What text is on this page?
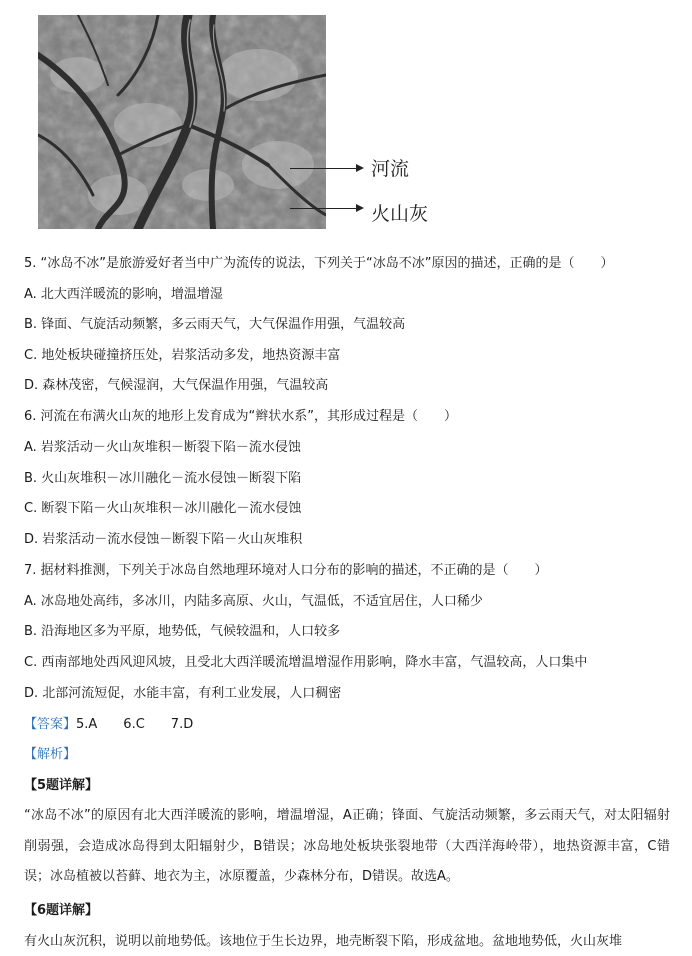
河流
火山灰
5. “冰岛不冰”是旅游爱好者当中广为流传的说法，下列关于“冰岛不冰”原因的描述，正确的是（　　）
A. 北大西洋暖流的影响，增温增湿
B. 锋面、气旋活动频繁，多云雨天气，大气保温作用强，气温较高
C. 地处板块碰撞挤压处，岩浆活动多发，地热资源丰富
D. 森林茂密，气候湿润，大气保温作用强，气温较高
6. 河流在布满火山灰的地形上发育成为“辫状水系”，其形成过程是（　　）
A. 岩浆活动－火山灰堆积－断裂下陷－流水侵蚀
B. 火山灰堆积－冰川融化－流水侵蚀－断裂下陷
C. 断裂下陷－火山灰堆积－冰川融化－流水侵蚀
D. 岩浆活动－流水侵蚀－断裂下陷－火山灰堆积
7. 据材料推测，下列关于冰岛自然地理环境对人口分布的影响的描述，不正确的是（　　）
A. 冰岛地处高纬，多冰川，内陆多高原、火山，气温低，不适宜居住，人口稀少
B. 沿海地区多为平原，地势低，气候较温和，人口较多
C. 西南部地处西风迎风坡，且受北大西洋暖流增温增湿作用影响，降水丰富，气温较高，人口集中
D. 北部河流短促，水能丰富，有利工业发展，人口稠密
【答案】5.A　　6.C　　7.D
【解析】
【5题详解】
“冰岛不冰”的原因有北大西洋暖流的影响，增温增湿，A正确；锋面、气旋活动频繁，多云雨天气，对太阳辐射削弱强，会造成冰岛得到太阳辐射少，B错误；冰岛地处板块张裂地带（大西洋海岭带），地热资源丰富，C错误；冰岛植被以苔藓、地衣为主，冰原覆盖，少森林分布，D错误。故选A。
【6题详解】
有火山灰沉积，说明以前地势低。该地位于生长边界，地壳断裂下陷，形成盆地。盆地地势低，火山灰堆
